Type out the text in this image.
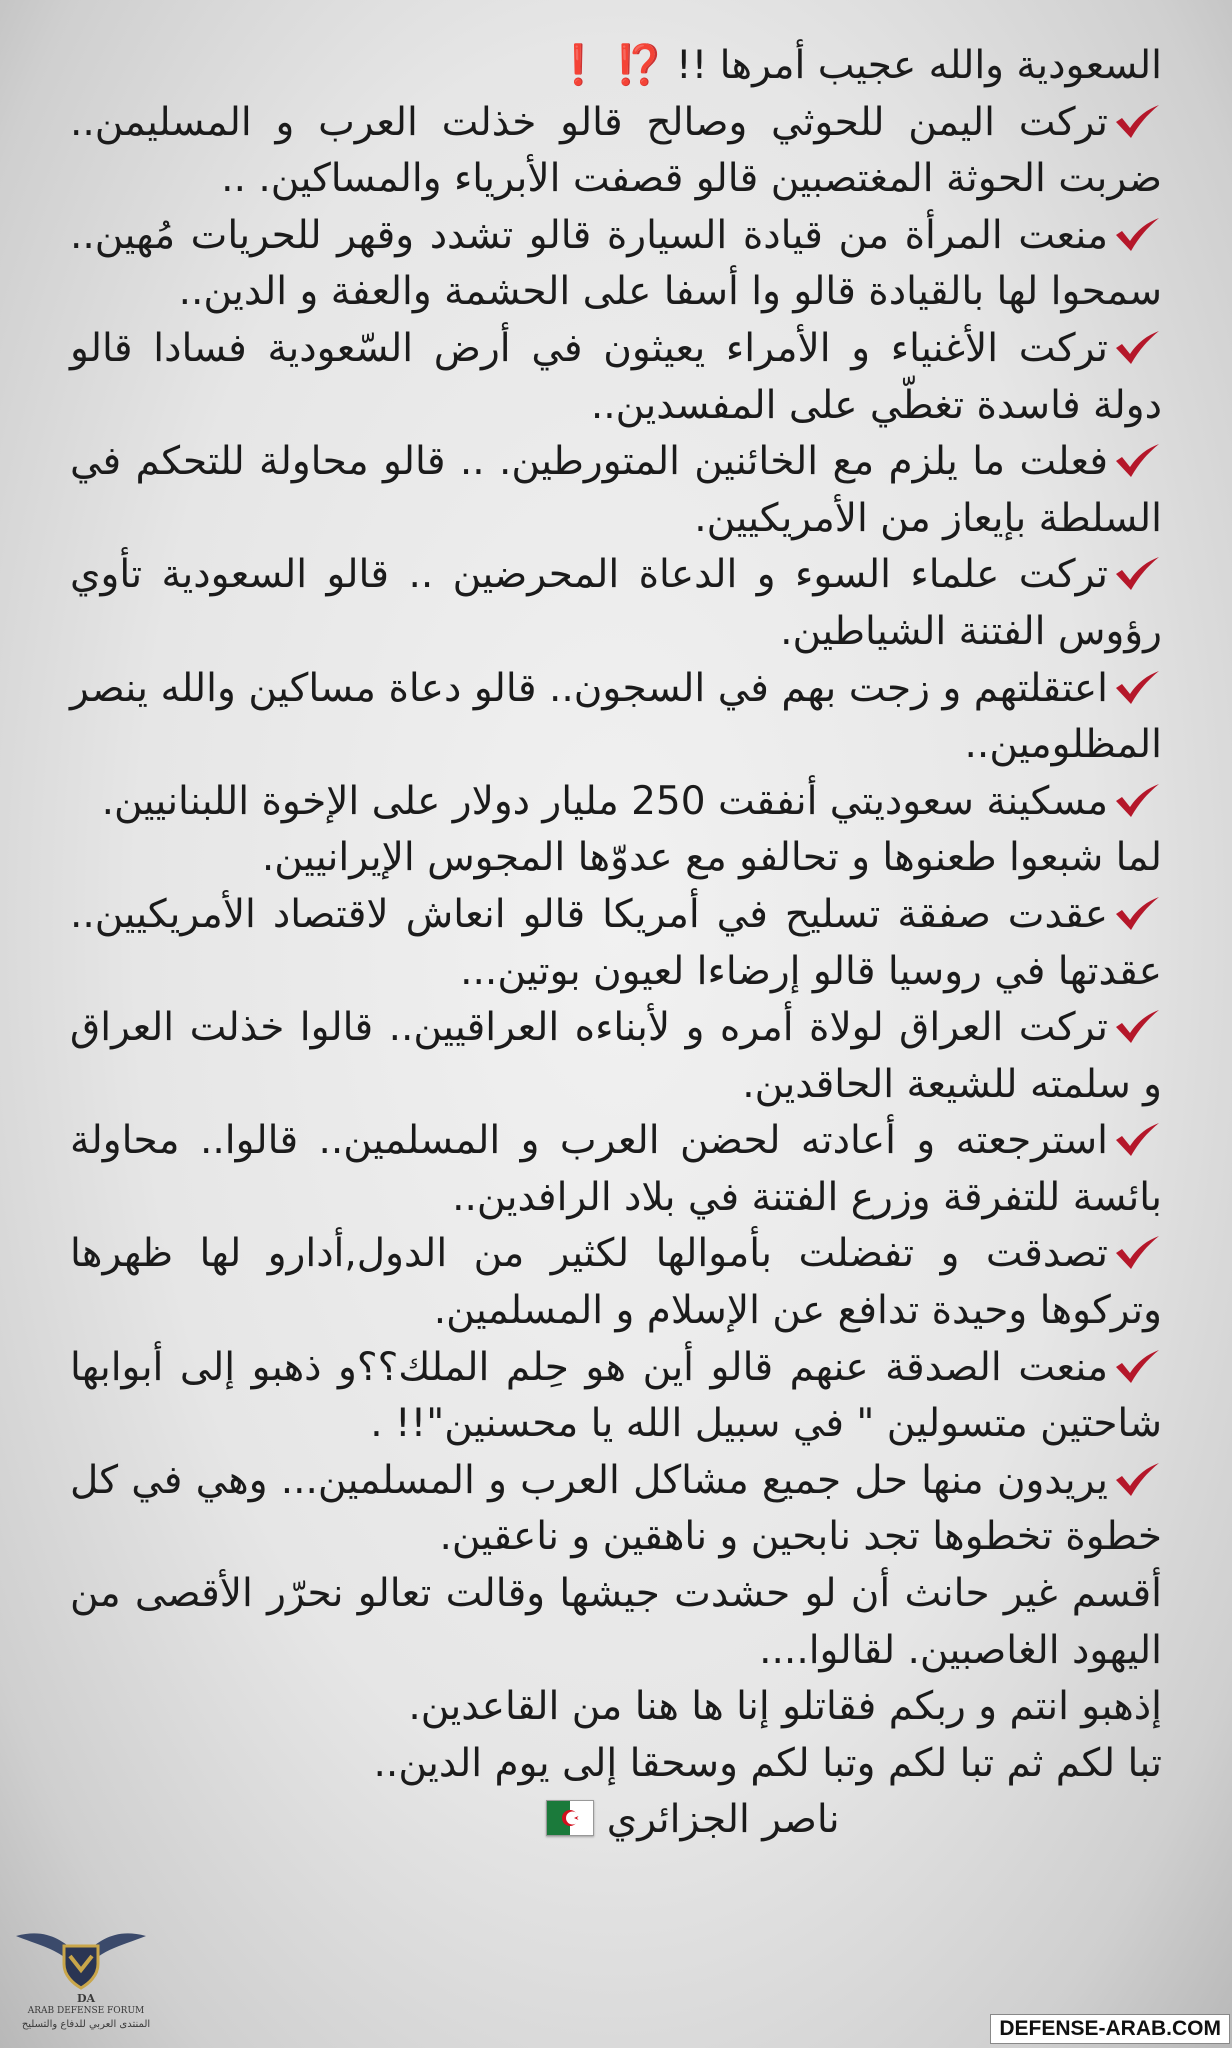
السعودية والله عجيب أمرها !! ⁉️ ❗

تركت اليمن للحوثي وصالح قالو خذلت العرب و المسليمن.. ضربت الحوثة المغتصبين قالو قصفت الأبرياء والمساكين. ..

منعت المرأة من قيادة السيارة قالو تشدد وقهر للحريات مُهين.. سمحوا لها بالقيادة قالو وا أسفا على الحشمة والعفة و الدين..

تركت الأغنياء و الأمراء يعيثون في أرض السّعودية فسادا قالو دولة فاسدة تغطّي على المفسدين..

فعلت ما يلزم مع الخائنين المتورطين. .. قالو محاولة للتحكم في السلطة بإيعاز من الأمريكيين.

تركت علماء السوء و الدعاة المحرضين .. قالو السعودية تأوي رؤوس الفتنة الشياطين.

اعتقلتهم و زجت بهم في السجون.. قالو دعاة مساكين والله ينصر المظلومين..

مسكينة سعوديتي أنفقت 250 مليار دولار على الإخوة اللبنانيين.

لما شبعوا طعنوها و تحالفو مع عدوّها المجوس الإيرانيين.

عقدت صفقة تسليح في أمريكا قالو انعاش لاقتصاد الأمريكيين.. عقدتها في روسيا قالو إرضاءا لعيون بوتين...

تركت العراق لولاة أمره و لأبناءه العراقيين.. قالوا خذلت العراق و سلمته للشيعة الحاقدين.

استرجعته و أعادته لحضن العرب و المسلمين.. قالوا.. محاولة بائسة للتفرقة وزرع الفتنة في بلاد الرافدين..

تصدقت و تفضلت بأموالها لكثير من الدول,أدارو لها ظهرها وتركوها وحيدة تدافع عن الإسلام و المسلمين.

منعت الصدقة عنهم قالو أين هو حِلم الملك؟؟و ذهبو إلى أبوابها شاحتين متسولين " في سبيل الله يا محسنين"!! .

يريدون منها حل جميع مشاكل العرب و المسلمين... وهي في كل خطوة تخطوها تجد نابحين و ناهقين و ناعقين.

أقسم غير حانث أن لو حشدت جيشها وقالت تعالو نحرّر الأقصى من اليهود الغاصبين. لقالوا....

إذهبو انتم و ربكم فقاتلو إنا ها هنا من القاعدين.

تبا لكم ثم تبا لكم وتبا لكم وسحقا إلى يوم الدين..

ناصر الجزائري

DA
ARAB DEFENSE FORUM
المنتدى العربي للدفاع والتسليح	DEFENSE-ARAB.COM
